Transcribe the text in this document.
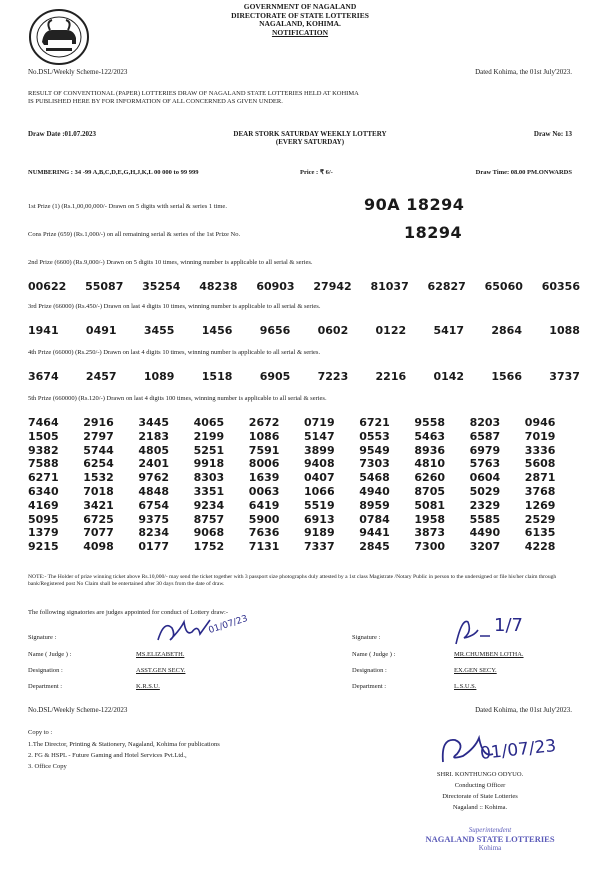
GOVERNMENT OF NAGALAND
DIRECTORATE OF STATE LOTTERIES
NAGALAND, KOHIMA.
NOTIFICATION
No.DSL/Weekly Scheme-122/2023	Dated Kohima, the 01st July'2023.
RESULT OF CONVENTIONAL (PAPER) LOTTERIES DRAW OF NAGALAND STATE LOTTERIES HELD AT KOHIMA
IS PUBLISHED HERE BY FOR INFORMATION OF ALL CONCERNED AS GIVEN UNDER.
Draw Date :01.07.2023	DEAR STORK SATURDAY WEEKLY LOTTERY
(EVERY SATURDAY)
Draw No: 13
NUMBERING : 34 -99 A,B,C,D,E,G,H,J,K,L 00 000 to 99 999	Price : ₹ 6/-	Draw Time: 08.00 PM.ONWARDS
1st Prize (1) (Rs.1,00,00,000/- Drawn on 5 digits with serial & series 1 time.	90A 18294
Cons Prize (659) (Rs.1,000/-) on all remaining serial & series of the 1st Prize No.	18294
2nd Prize (6600) (Rs.9,000/-) Drawn on 5 digits 10 times, winning number is applicable to all serial & series.
00622 55087 35254 48238 60903 27942 81037 62827 65060 60356
3rd Prize (66000) (Rs.450/-) Drawn on last 4 digits 10 times, winning number is applicable to all serial & series.
1941 0491 3455 1456 9656 0602 0122 5417 2864 1088
4th Prize (66000) (Rs.250/-) Drawn on last 4 digits 10 times, winning number is applicable to all serial & series.
3674 2457 1089 1518 6905 7223 2216 0142 1566 3737
5th Prize (660000) (Rs.120/-) Drawn on last 4 digits 100 times, winning number is applicable to all serial & series.
7464	2916	3445	4065	2672	0719	6721	9558	8203	0946
1505	2797	2183	2199	1086	5147	0553	5463	6587	7019
9382	5744	4805	5251	7591	3899	9549	8936	6979	3336
7588	6254	2401	9918	8006	9408	7303	4810	5763	5608
6271	1532	9762	8303	1639	0407	5468	6260	0604	2871
6340	7018	4848	3351	0063	1066	4940	8705	5029	3768
4169	3421	6754	9234	6419	5519	8959	5081	2329	1269
5095	6725	9375	8757	5900	6913	0784	1958	5585	2529
1379	7077	8234	9068	7636	9189	9441	3873	4490	6135
9215	4098	0177	1752	7131	7337	2845	7300	3207	4228
NOTE:- The Holder of prize winning ticket above Rs.10,000/- may send the ticket together with 3 passport size photographs duly attested by a 1st class Magistrate /Notary Public in person to the undersigned or file his/her claim through bank/Registered post No Claim shall be entertained after 30 days from the date of draw.
The following signatories are judges appointed for conduct of Lottery draw:-
Signature :
01/07/23
Name ( Judge ) :	MS.ELIZABETH.
Designation :	ASST.GEN SECY.
Department :	K.R.S.U.
Signature :
1/7
Name ( Judge ) :	MR.CHUMBEN LOTHA.
Designation :	EX.GEN SECY.
Department :	L.S.U.S.
No.DSL/Weekly Scheme-122/2023	Dated Kohima, the 01st July'2023.
Copy to :
1.The Director, Printing & Stationery, Nagaland, Kohima for publications
2. FG & HSPL - Future Gaming and Hotel Services Pvt.Ltd.,
3. Office Copy
01/07/23
SHRI. KONTHUNGO ODYUO.
Conducting Officer
Directorate of State Lotteries
Nagaland :: Kohima.
Superintendent
NAGALAND STATE LOTTERIES
Kohima
